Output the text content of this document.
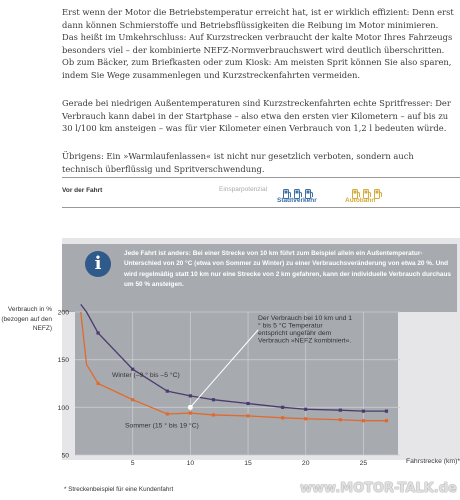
Erst wenn der Motor die Betriebstemperatur erreicht hat, ist er wirklich effizient: Denn erst dann können Schmierstoffe und Betriebsflüssigkeiten die Reibung im Motor minimieren. Das heißt im Umkehrschluss: Auf Kurzstrecken verbraucht der kalte Motor Ihres Fahrzeugs besonders viel – der kombinierte NEFZ-Normverbrauchswert wird deutlich überschritten. Ob zum Bäcker, zum Briefkasten oder zum Kiosk: Am meisten Sprit können Sie also sparen, indem Sie Wege zusammenlegen und Kurzstreckenfahrten vermeiden.

Gerade bei niedrigen Außentemperaturen sind Kurzstreckenfahrten echte Spritfresser: Der Verbrauch kann dabei in der Startphase – also etwa den ersten vier Kilometern – auf bis zu 30 l/100 km ansteigen – was für vier Kilometer einen Verbrauch von 1,2 l bedeuten würde.

Übrigens: Ein »Warmlaufenlassen« ist nicht nur gesetzlich verboten, sondern auch technisch überflüssig und Spritverschwendung.

Vor der Fahrt	Einsparpotenzial
Stadtverkehr	Autobahn
i	Jede Fahrt ist anders: Bei einer Strecke von 10 km führt zum Beispiel allein ein Außentemperatur-Unterschied von 20 °C (etwa von Sommer zu Winter) zu einer Verbrauchsveränderung von etwa 20 %. Und wird regelmäßig statt 10 km nur eine Strecke von 2 km gefahren, kann der individuelle Verbrauch durchaus um 50 % ansteigen.

Verbrauch in % (bezogen auf den NEFZ)
50
100
150
200
5	10	15	20	25	Fahrstrecke (km)*
Winter (–9 ° bis –5 °C)
Sommer (15 ° bis 19 °C)
Der Verbrauch bei 10 km und 1 ° bis 5 °C Temperatur entspricht ungefähr dem Verbrauch »NEFZ kombiniert«.
* Streckenbeispiel für eine Kundenfahrt	www.MOTOR-TALK.de
